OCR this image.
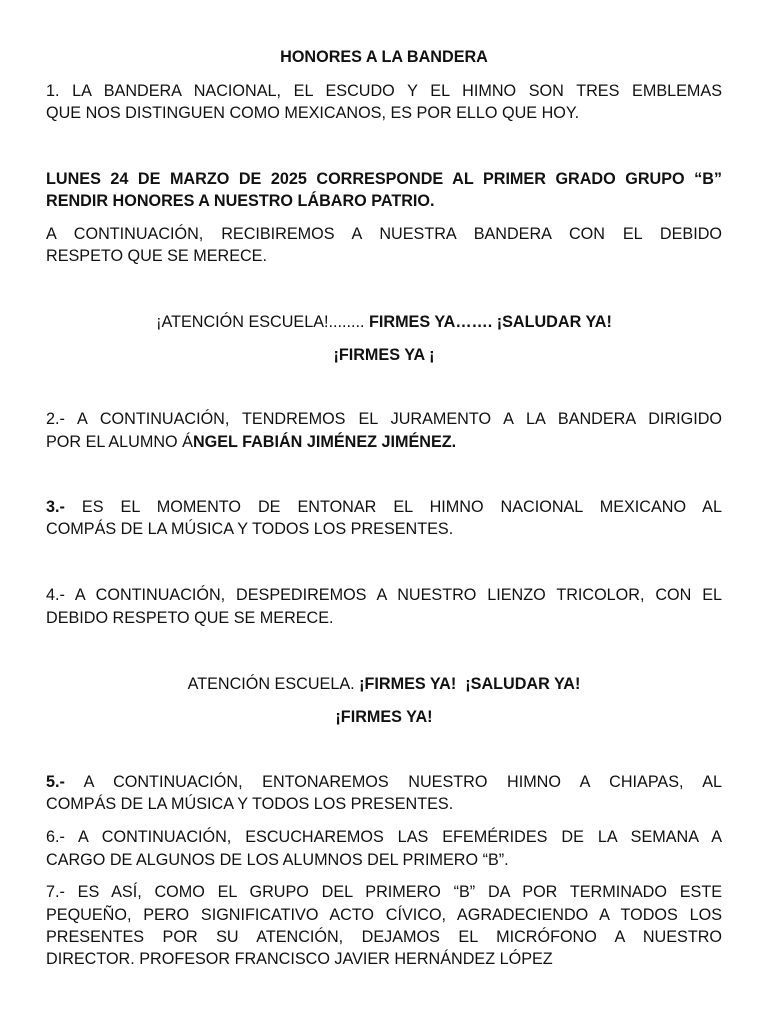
HONORES A LA BANDERA
1. LA BANDERA NACIONAL, EL ESCUDO Y EL HIMNO SON TRES EMBLEMAS
QUE NOS DISTINGUEN COMO MEXICANOS, ES POR ELLO QUE HOY.
LUNES 24 DE MARZO DE 2025 CORRESPONDE AL PRIMER GRADO GRUPO “B”
RENDIR HONORES A NUESTRO LÁBARO PATRIO.
A CONTINUACIÓN, RECIBIREMOS A NUESTRA BANDERA CON EL DEBIDO
RESPETO QUE SE MERECE.
¡ATENCIÓN ESCUELA!........ FIRMES YA……. ¡SALUDAR YA!
¡FIRMES YA ¡
2.- A CONTINUACIÓN, TENDREMOS EL JURAMENTO A LA BANDERA DIRIGIDO
POR EL ALUMNO ÁNGEL FABIÁN JIMÉNEZ JIMÉNEZ.
3.- ES EL MOMENTO DE ENTONAR EL HIMNO NACIONAL MEXICANO AL
COMPÁS DE LA MÚSICA Y TODOS LOS PRESENTES.
4.- A CONTINUACIÓN, DESPEDIREMOS A NUESTRO LIENZO TRICOLOR, CON EL
DEBIDO RESPETO QUE SE MERECE.
ATENCIÓN ESCUELA. ¡FIRMES YA!  ¡SALUDAR YA!
¡FIRMES YA!
5.- A CONTINUACIÓN, ENTONAREMOS NUESTRO HIMNO A CHIAPAS, AL
COMPÁS DE LA MÚSICA Y TODOS LOS PRESENTES.
6.- A CONTINUACIÓN, ESCUCHAREMOS LAS EFEMÉRIDES DE LA SEMANA A
CARGO DE ALGUNOS DE LOS ALUMNOS DEL PRIMERO “B”.
7.- ES ASÍ, COMO EL GRUPO DEL PRIMERO “B” DA POR TERMINADO ESTE
PEQUEÑO, PERO SIGNIFICATIVO ACTO CÍVICO, AGRADECIENDO A TODOS LOS
PRESENTES POR SU ATENCIÓN, DEJAMOS EL MICRÓFONO A NUESTRO
DIRECTOR. PROFESOR FRANCISCO JAVIER HERNÁNDEZ LÓPEZ
